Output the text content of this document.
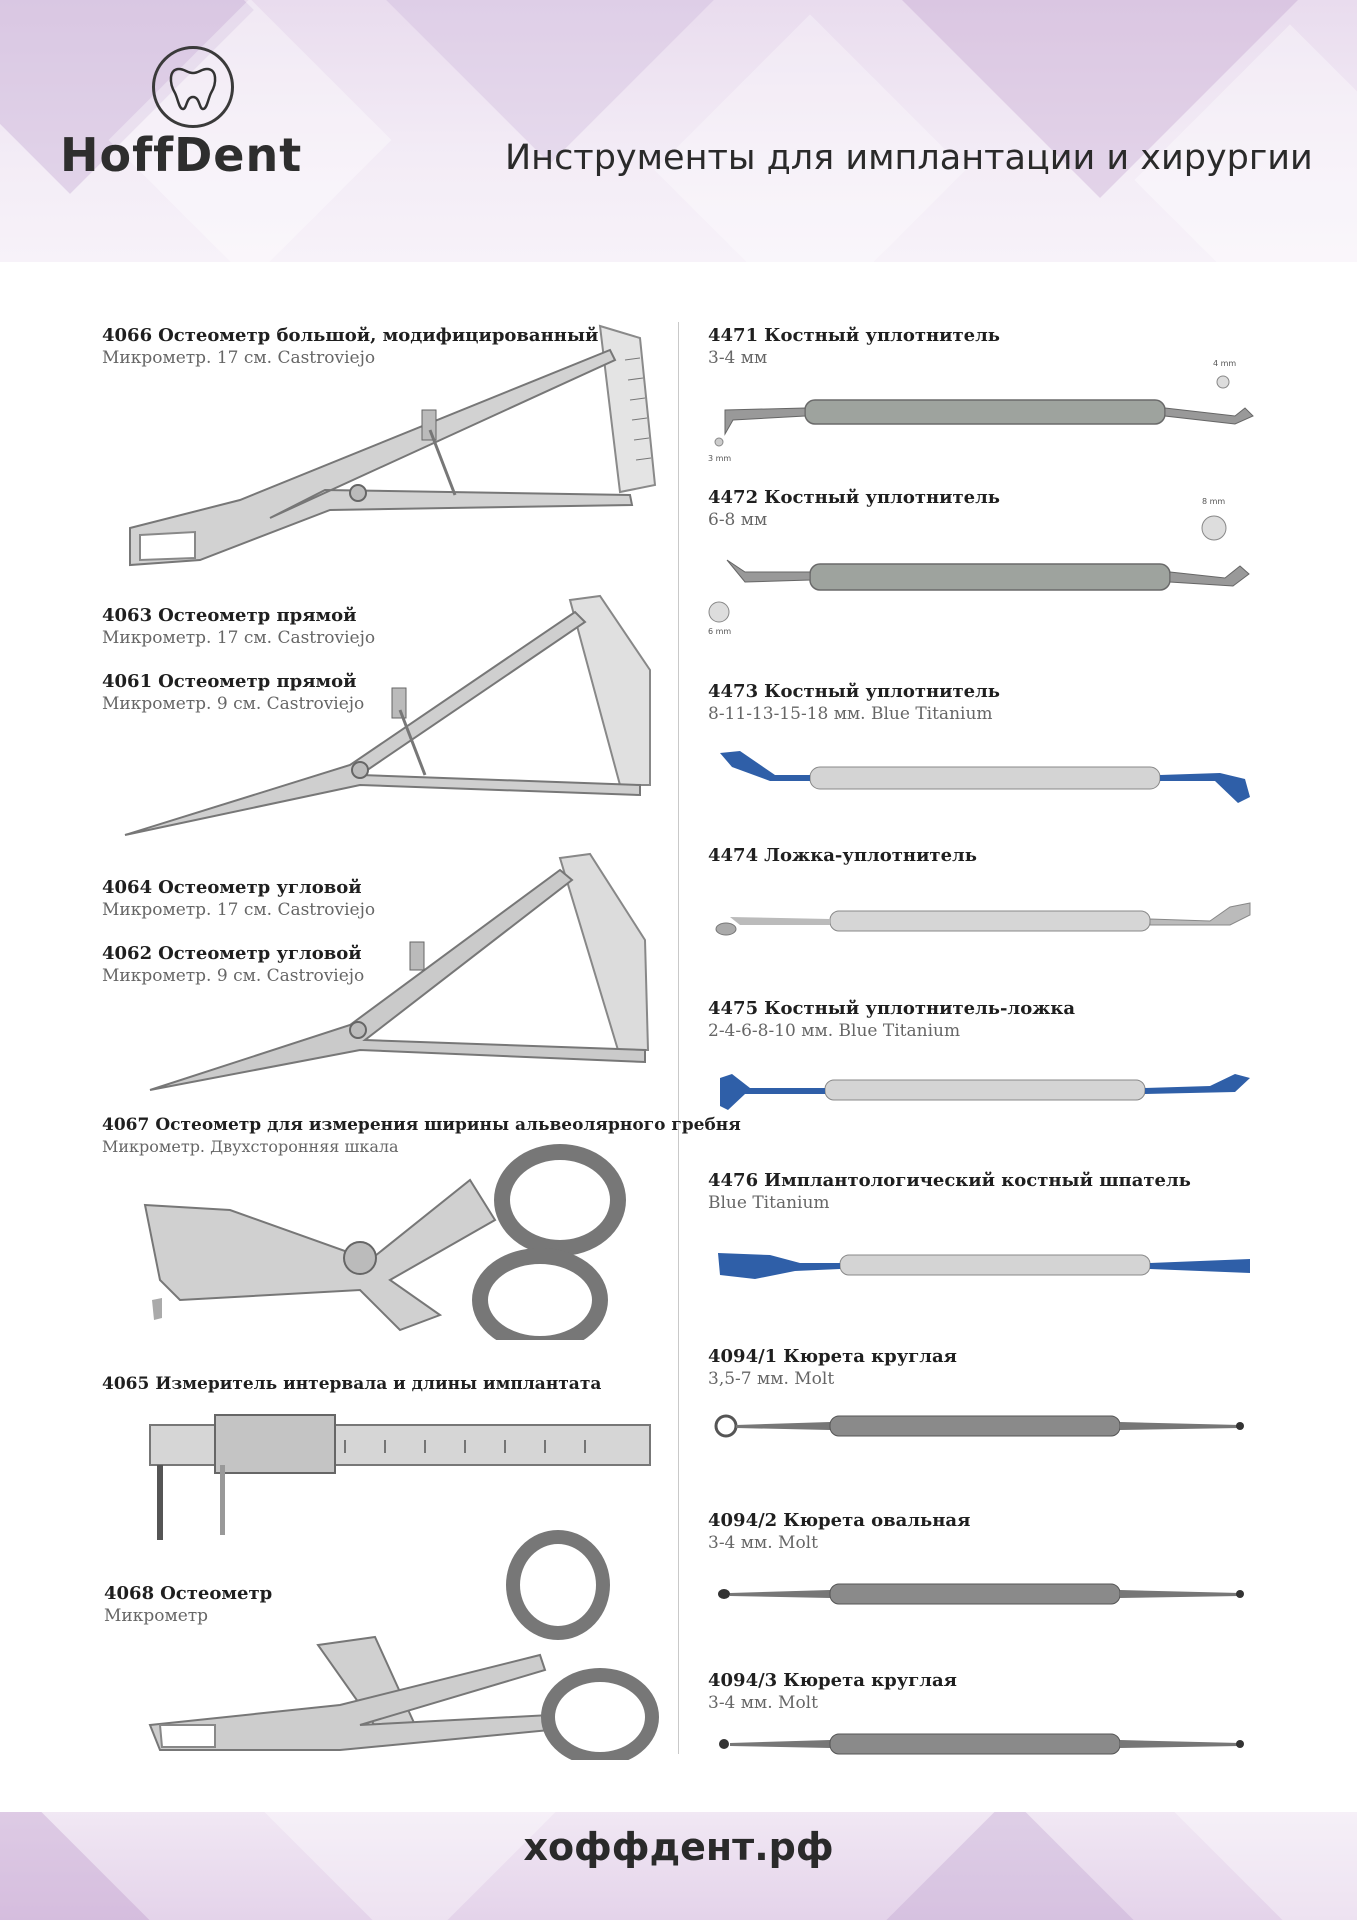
HoffDent	Инструменты для имплантации и хирургии
4066 Остеометр большой, модифицированный
Микрометр. 17 см. Castroviejo
4063 Остеометр прямой
Микрометр. 17 см. Castroviejo
4061 Остеометр прямой
Микрометр. 9 см. Castroviejo
4064 Остеометр угловой
Микрометр. 17 см. Castroviejo
4062 Остеометр угловой
Микрометр. 9 см. Castroviejo
4067 Остеометр для измерения ширины альвеолярного гребня
Микрометр. Двухсторонняя шкала
4065 Измеритель интервала и длины имплантата
4068 Остеометр
Микрометр
4471 Костный уплотнитель
3-4 мм
3 mm
4 mm
4472 Костный уплотнитель
6-8 мм
8 mm
6 mm
4473 Костный уплотнитель
8-11-13-15-18 мм. Blue Titanium
4474 Ложка-уплотнитель
4475 Костный уплотнитель-ложка
2-4-6-8-10 мм. Blue Titanium
4476 Имплантологический костный шпатель
Blue Titanium
4094/1 Кюрета круглая
3,5-7 мм. Molt
4094/2 Кюрета овальная
3-4 мм. Molt
4094/3 Кюрета круглая
3-4 мм. Molt
хоффдент.рф
